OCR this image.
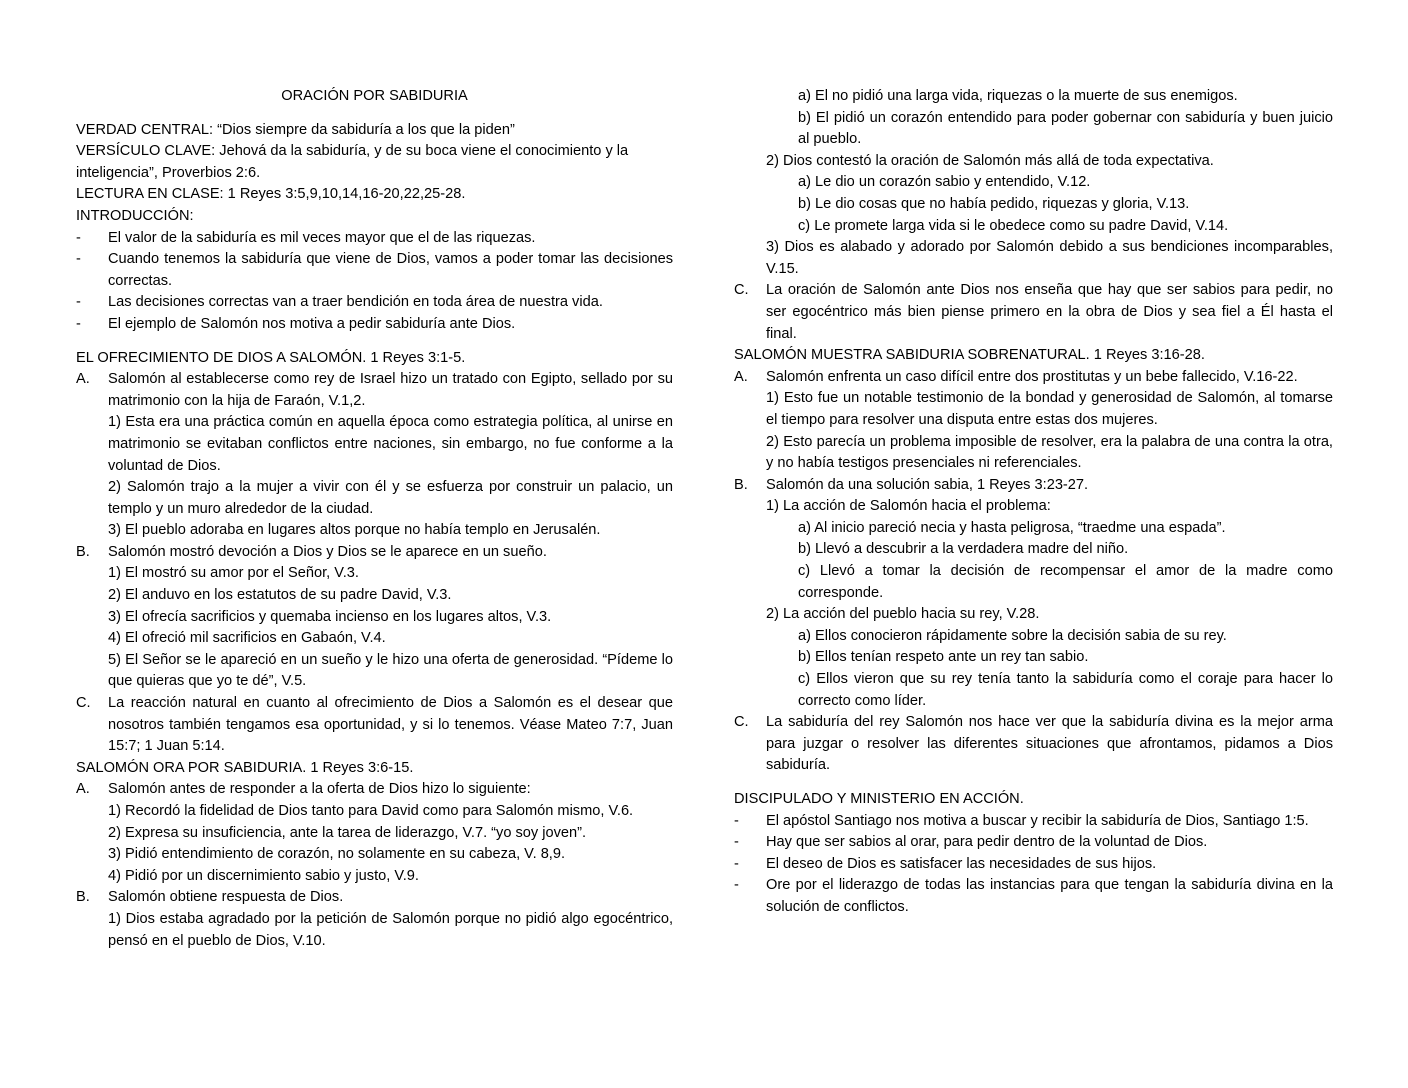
ORACIÓN POR SABIDURIA
VERDAD CENTRAL: “Dios siempre da sabiduría a los que la piden”
VERSÍCULO CLAVE: Jehová da la sabiduría, y de su boca viene el conocimiento y la inteligencia”, Proverbios 2:6.
LECTURA EN CLASE: 1 Reyes 3:5,9,10,14,16-20,22,25-28.
INTRODUCCIÓN:
-	El valor de la sabiduría es mil veces mayor que el de las riquezas.
-	Cuando tenemos la sabiduría que viene de Dios, vamos a poder tomar las decisiones correctas.
-	Las decisiones correctas van a traer bendición en toda área de nuestra vida.
-	El ejemplo de Salomón nos motiva a pedir sabiduría ante Dios.
EL OFRECIMIENTO DE DIOS A SALOMÓN. 1 Reyes 3:1-5.
A.	Salomón al establecerse como rey de Israel hizo un tratado con Egipto, sellado por su matrimonio con la hija de Faraón, V.1,2.
1) Esta era una práctica común en aquella época como estrategia política, al unirse en matrimonio se evitaban conflictos entre naciones, sin embargo, no fue conforme a la voluntad de Dios.
2) Salomón trajo a la mujer a vivir con él y se esfuerza por construir un palacio, un templo y un muro alrededor de la ciudad.
3) El pueblo adoraba en lugares altos porque no había templo en Jerusalén.
B.	Salomón mostró devoción a Dios y Dios se le aparece en un sueño.
1) El mostró su amor por el Señor, V.3.
2) El anduvo en los estatutos de su padre David, V.3.
3) El ofrecía sacrificios y quemaba incienso en los lugares altos, V.3.
4) El ofreció mil sacrificios en Gabaón, V.4.
5) El Señor se le apareció en un sueño y le hizo una oferta de generosidad. “Pídeme lo que quieras que yo te dé”, V.5.
C.	La reacción natural en cuanto al ofrecimiento de Dios a Salomón es el desear que nosotros también tengamos esa oportunidad, y si lo tenemos. Véase Mateo 7:7, Juan 15:7; 1 Juan 5:14.
SALOMÓN ORA POR SABIDURIA. 1 Reyes 3:6-15.
A.	Salomón antes de responder a la oferta de Dios hizo lo siguiente:
1) Recordó la fidelidad de Dios tanto para David como para Salomón mismo, V.6.
2) Expresa su insuficiencia, ante la tarea de liderazgo, V.7. “yo soy joven”.
3) Pidió entendimiento de corazón, no solamente en su cabeza, V. 8,9.
4) Pidió por un discernimiento sabio y justo, V.9.
B.	Salomón obtiene respuesta de Dios.
1) Dios estaba agradado por la petición de Salomón porque no pidió algo egocéntrico, pensó en el pueblo de Dios, V.10.
a) El no pidió una larga vida, riquezas o la muerte de sus enemigos.
b) El pidió un corazón entendido para poder gobernar con sabiduría y buen juicio al pueblo.
2) Dios contestó la oración de Salomón más allá de toda expectativa.
a) Le dio un corazón sabio y entendido, V.12.
b) Le dio cosas que no había pedido, riquezas y gloria, V.13.
c) Le promete larga vida si le obedece como su padre David, V.14.
3) Dios es alabado y adorado por Salomón debido a sus bendiciones incomparables, V.15.
C.	La oración de Salomón ante Dios nos enseña que hay que ser sabios para pedir, no ser egocéntrico más bien piense primero en la obra de Dios y sea fiel a Él hasta el final.
SALOMÓN MUESTRA SABIDURIA SOBRENATURAL. 1 Reyes 3:16-28.
A.	Salomón enfrenta un caso difícil entre dos prostitutas y un bebe fallecido, V.16-22.
1) Esto fue un notable testimonio de la bondad y generosidad de Salomón, al tomarse el tiempo para resolver una disputa entre estas dos mujeres.
2) Esto parecía un problema imposible de resolver, era la palabra de una contra la otra, y no había testigos presenciales ni referenciales.
B.	Salomón da una solución sabia, 1 Reyes 3:23-27.
1) La acción de Salomón hacia el problema:
a) Al inicio pareció necia y hasta peligrosa, “traedme una espada”.
b) Llevó a descubrir a la verdadera madre del niño.
c) Llevó a tomar la decisión de recompensar el amor de la madre como corresponde.
2) La acción del pueblo hacia su rey, V.28.
a) Ellos conocieron rápidamente sobre la decisión sabia de su rey.
b) Ellos tenían respeto ante un rey tan sabio.
c) Ellos vieron que su rey tenía tanto la sabiduría como el coraje para hacer lo correcto como líder.
C.	La sabiduría del rey Salomón nos hace ver que la sabiduría divina es la mejor arma para juzgar o resolver las diferentes situaciones que afrontamos, pidamos a Dios sabiduría.
DISCIPULADO Y MINISTERIO EN ACCIÓN.
-	El apóstol Santiago nos motiva a buscar y recibir la sabiduría de Dios, Santiago 1:5.
-	Hay que ser sabios al orar, para pedir dentro de la voluntad de Dios.
-	El deseo de Dios es satisfacer las necesidades de sus hijos.
-	Ore por el liderazgo de todas las instancias para que tengan la sabiduría divina en la solución de conflictos.
